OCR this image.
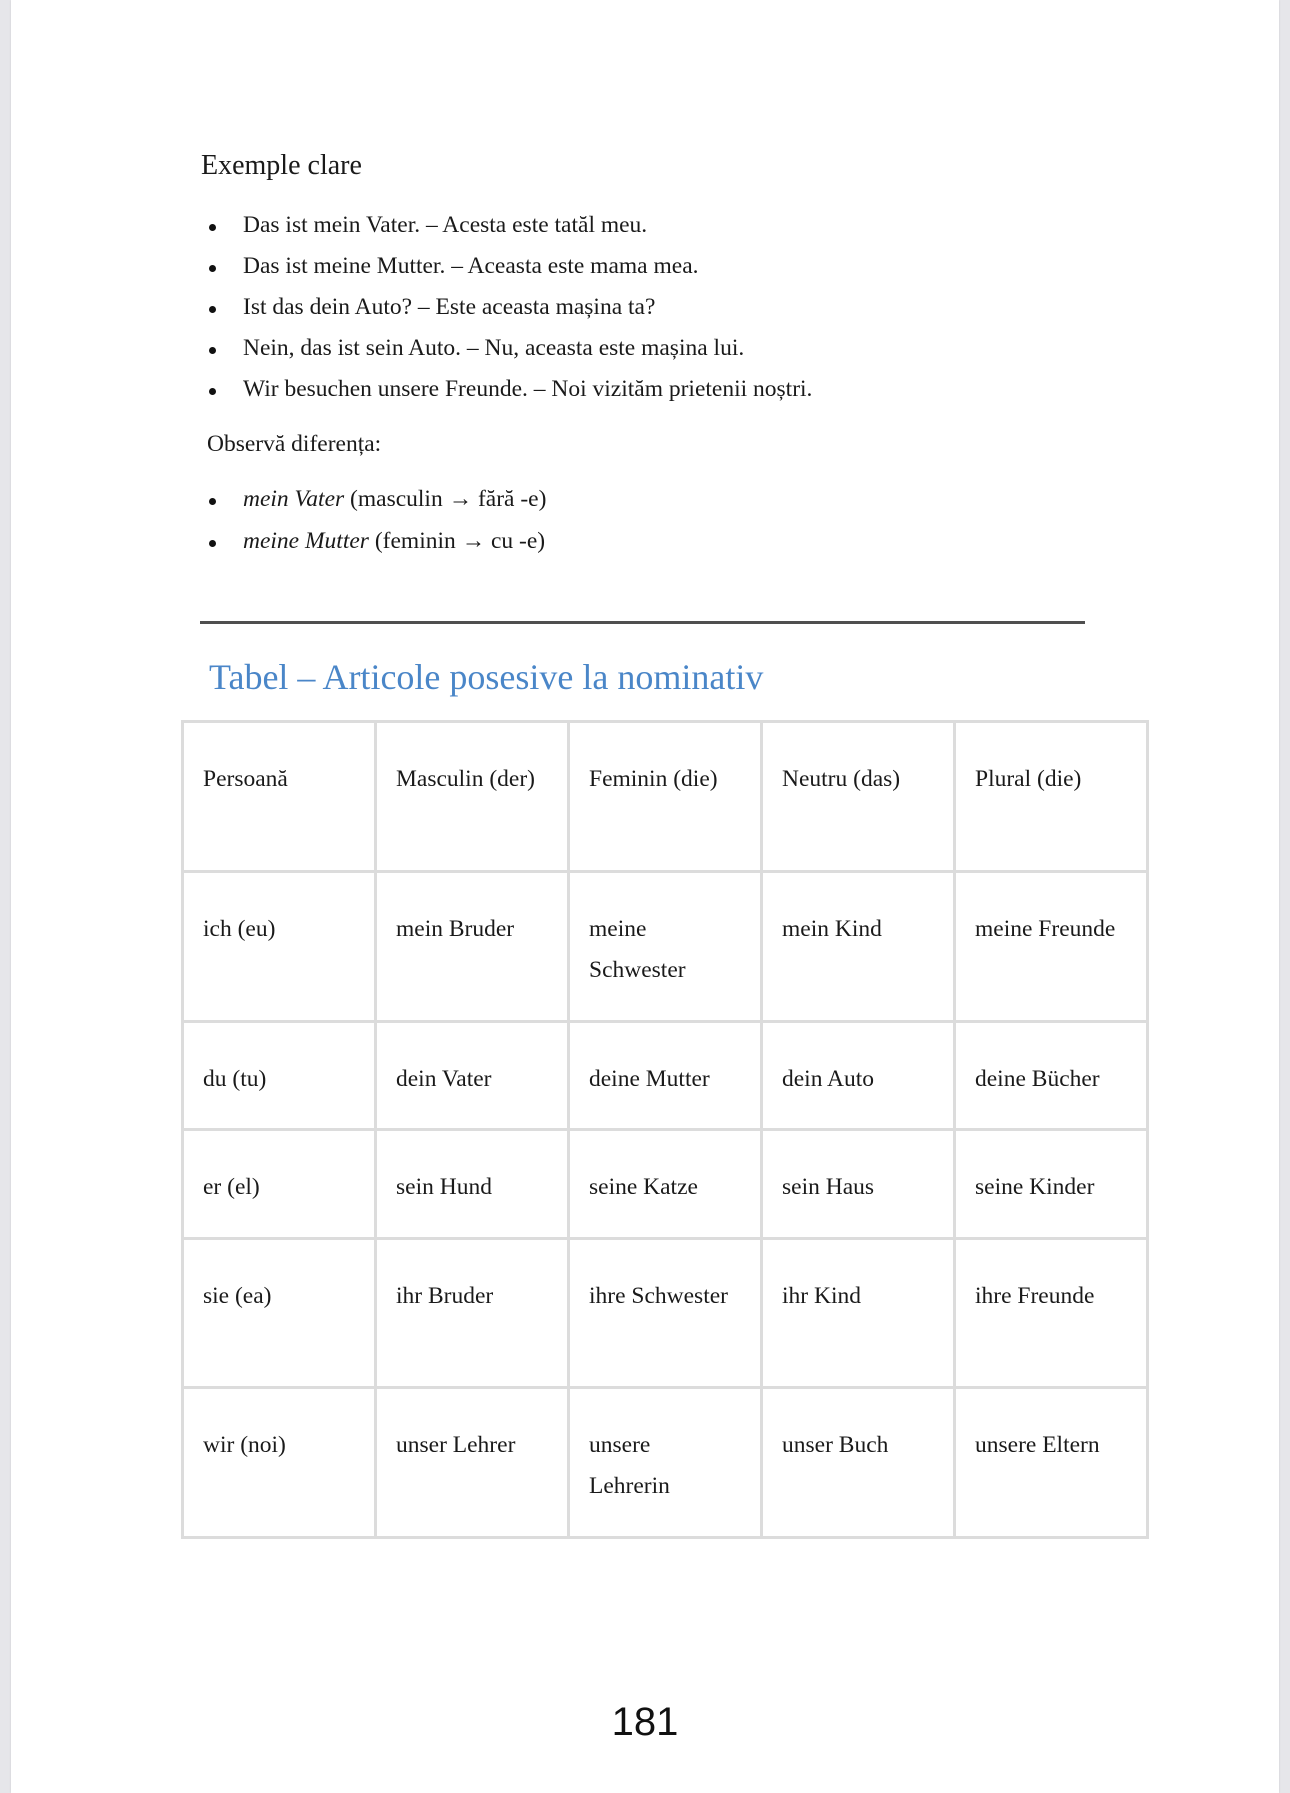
Exemple clare
Das ist mein Vater. – Acesta este tatăl meu.
Das ist meine Mutter. – Aceasta este mama mea.
Ist das dein Auto? – Este aceasta mașina ta?
Nein, das ist sein Auto. – Nu, aceasta este mașina lui.
Wir besuchen unsere Freunde. – Noi vizităm prietenii noștri.
Observă diferența:
mein Vater (masculin → fără -e)
meine Mutter (feminin → cu -e)
Tabel – Articole posesive la nominativ
Persoană	Masculin (der)	Feminin (die)	Neutru (das)	Plural (die)
ich (eu)	mein Bruder	meine Schwester	mein Kind	meine Freunde
du (tu)	dein Vater	deine Mutter	dein Auto	deine Bücher
er (el)	sein Hund	seine Katze	sein Haus	seine Kinder
sie (ea)	ihr Bruder	ihre Schwester	ihr Kind	ihre Freunde
wir (noi)	unser Lehrer	unsere Lehrerin	unser Buch	unsere Eltern
181
